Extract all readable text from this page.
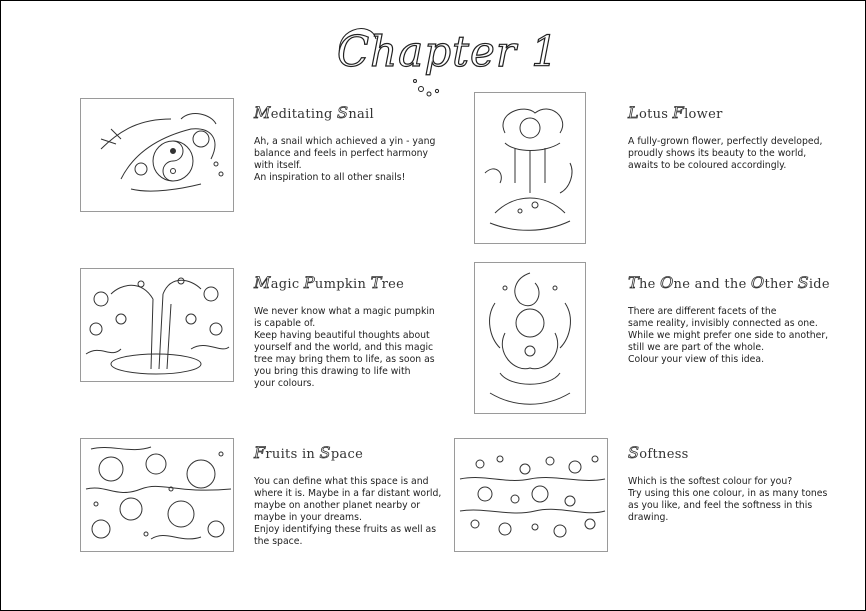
Chapter 1

Meditating Snail

Ah, a snail which achieved a yin - yang
balance and feels in perfect harmony
with itself.
An inspiration to all other snails!

Lotus Flower

A fully-grown flower, perfectly developed,
proudly shows its beauty to the world,
awaits to be coloured accordingly.

Magic Pumpkin Tree

We never know what a magic pumpkin
is capable of.
Keep having beautiful thoughts about
yourself and the world, and this magic
tree may bring them to life, as soon as
you bring this drawing to life with
your colours.

The One and the Other Side

There are different facets of the
same reality, invisibly connected as one.
While we might prefer one side to another,
still we are part of the whole.
Colour your view of this idea.

Fruits in Space

You can define what this space is and
where it is. Maybe in a far distant world,
maybe on another planet nearby or
maybe in your dreams.
Enjoy identifying these fruits as well as
the space.

Softness

Which is the softest colour for you?
Try using this one colour, in as many tones
as you like, and feel the softness in this
drawing.
